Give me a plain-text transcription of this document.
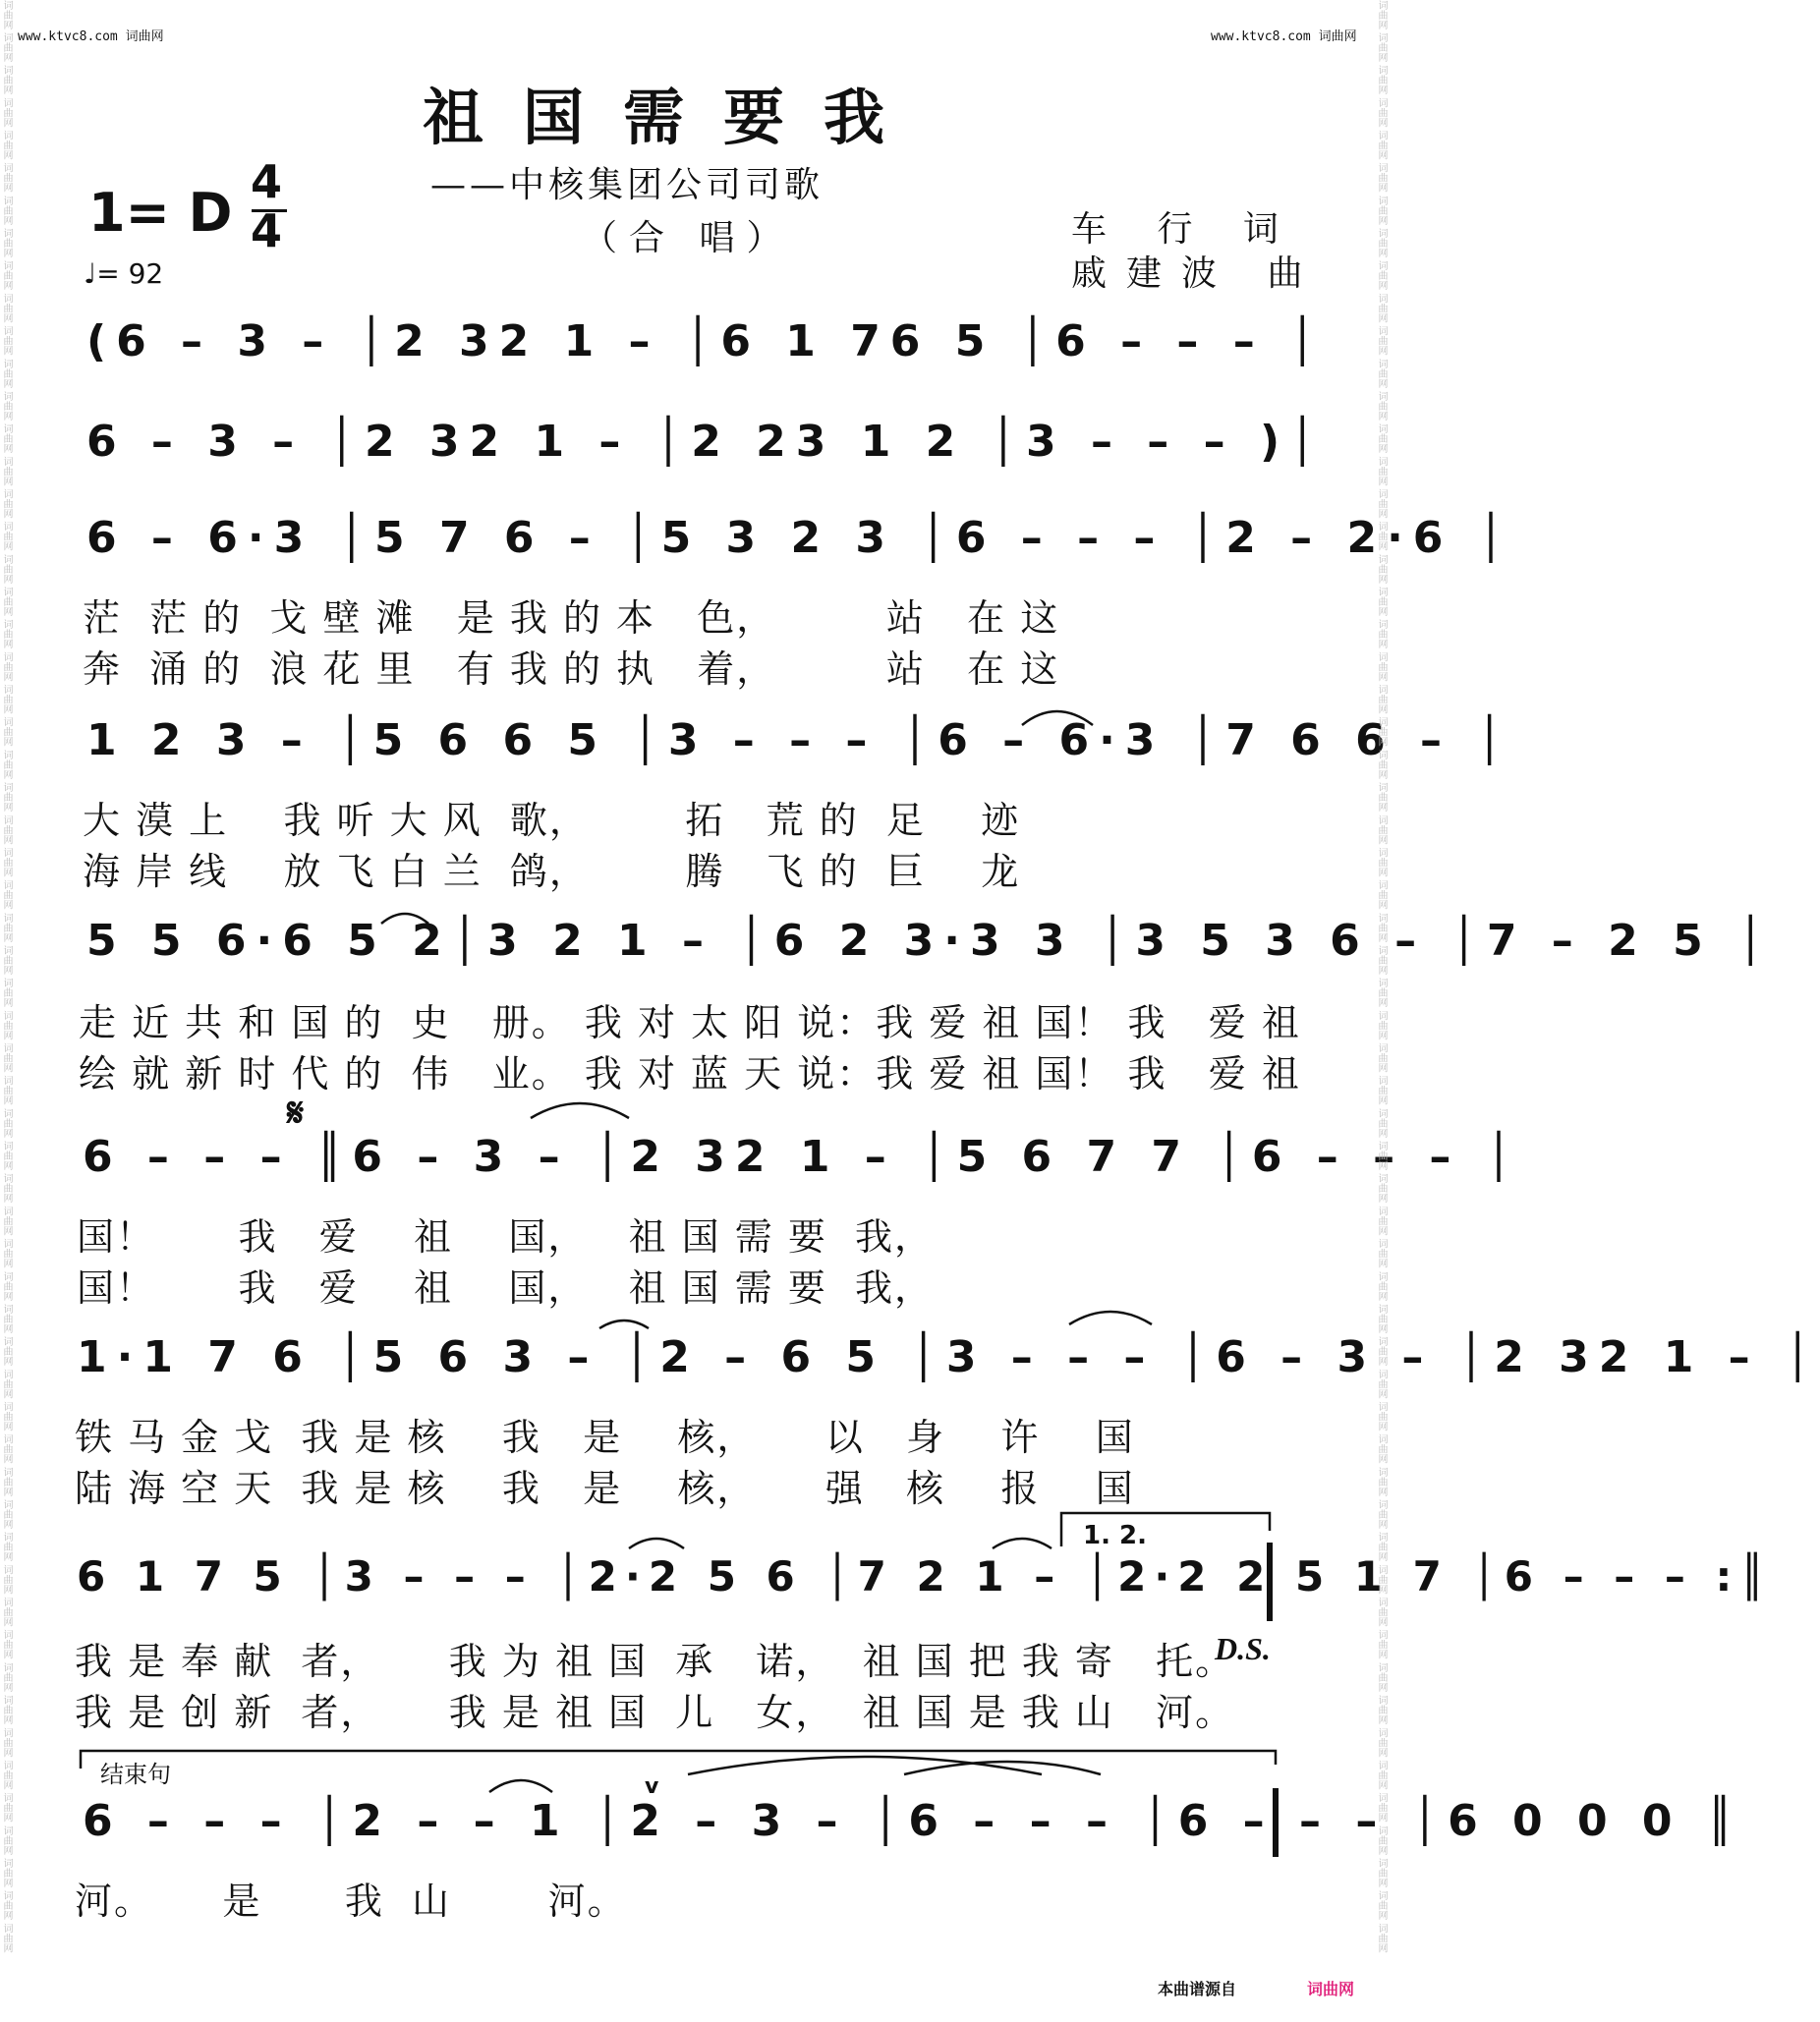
www.ktvc8.com 词曲网	www.ktvc8.com 词曲网
祖国需要我
——中核集团公司司歌
（合 唱）
1= D 4
4
♩= 92
车 行 词
戚建波 曲
(6 – 3 – │2 32 1 – │6 1 76 5 │6 – – – │
6 – 3 – │2 32 1 – │2 23 1 2 │3 – – – )│
6 – 6·3 │5 7 6 – │5 3 2 3 │6 – – – │2 – 2·6 │
茫  茫 的  戈 壁 滩   是 我 的 本   色，        站   在 这
奔  涌 的  浪 花 里   有 我 的 执   着，        站   在 这
1 2 3 – │5 6 6 5 │3 – – – │6 – 6·3 │7 6 6 – │
大 漠 上    我 听 大 风  歌，       拓   荒 的  足    迹
海 岸 线    放 飞 白 兰  鸽，       腾   飞 的  巨    龙
5 5 6·6 5 2│3 2 1 – │6 2 3·3 3 │3 5 3 6 – │7 – 2 5 │
走 近 共 和 国 的  史   册。 我 对 太 阳 说：我 爱 祖 国！ 我   爱 祖
绘 就 新 时 代 的  伟   业。 我 对 蓝 天 说：我 爱 祖 国！ 我   爱 祖
6 – – – ║6 – 3 – │2 32 1 – │5 6 7 7 │6 – – – │
国！      我   爱    祖    国，   祖 国 需 要  我，
国！      我   爱    祖    国，   祖 国 需 要  我，
1·1 7 6 │5 6 3 – │2 – 6 5 │3 – – – │6 – 3 – │2 32 1 – │
铁 马 金 戈  我 是 核    我   是    核，     以   身    许    国
陆 海 空 天  我 是 核    我   是    核，     强   核    报    国
6 1 7 5 │3 – – – │2·2 5 6 │7 2 1 – │2·2 2 5 1 7 │6 – – – :║
我 是 奉 献  者，     我 为 祖 国  承   诺，  祖 国 把 我 寄   托。
我 是 创 新  者，     我 是 祖 国  儿   女，  祖 国 是 我 山   河。
6 – – – │2 – – 1 │2 – 3 – │6 – – – │6 – – – │6 0 0 0 ║
河。     是      我  山       河。
𝄋
1. 2.
D.S.
结束句	v
本曲谱源自	词曲网
词曲网 词曲网 词曲网 词曲网 词曲网 词曲网 词曲网 词曲网 词曲网 词曲网 词曲网 词曲网 词曲网 词曲网 词曲网 词曲网 词曲网 词曲网 词曲网 词曲网 词曲网 词曲网 词曲网 词曲网 词曲网 词曲网 词曲网 词曲网 词曲网 词曲网 词曲网 词曲网 词曲网 词曲网 词曲网 词曲网 词曲网 词曲网 词曲网 词曲网 词曲网 词曲网 词曲网 词曲网 词曲网 词曲网 词曲网 词曲网 词曲网 词曲网 词曲网 词曲网 词曲网 词曲网 词曲网 词曲网 词曲网 词曲网 词曲网 词曲网	词曲网 词曲网 词曲网 词曲网 词曲网 词曲网 词曲网 词曲网 词曲网 词曲网 词曲网 词曲网 词曲网 词曲网 词曲网 词曲网 词曲网 词曲网 词曲网 词曲网 词曲网 词曲网 词曲网 词曲网 词曲网 词曲网 词曲网 词曲网 词曲网 词曲网 词曲网 词曲网 词曲网 词曲网 词曲网 词曲网 词曲网 词曲网 词曲网 词曲网 词曲网 词曲网 词曲网 词曲网 词曲网 词曲网 词曲网 词曲网 词曲网 词曲网 词曲网 词曲网 词曲网 词曲网 词曲网 词曲网 词曲网 词曲网 词曲网 词曲网
